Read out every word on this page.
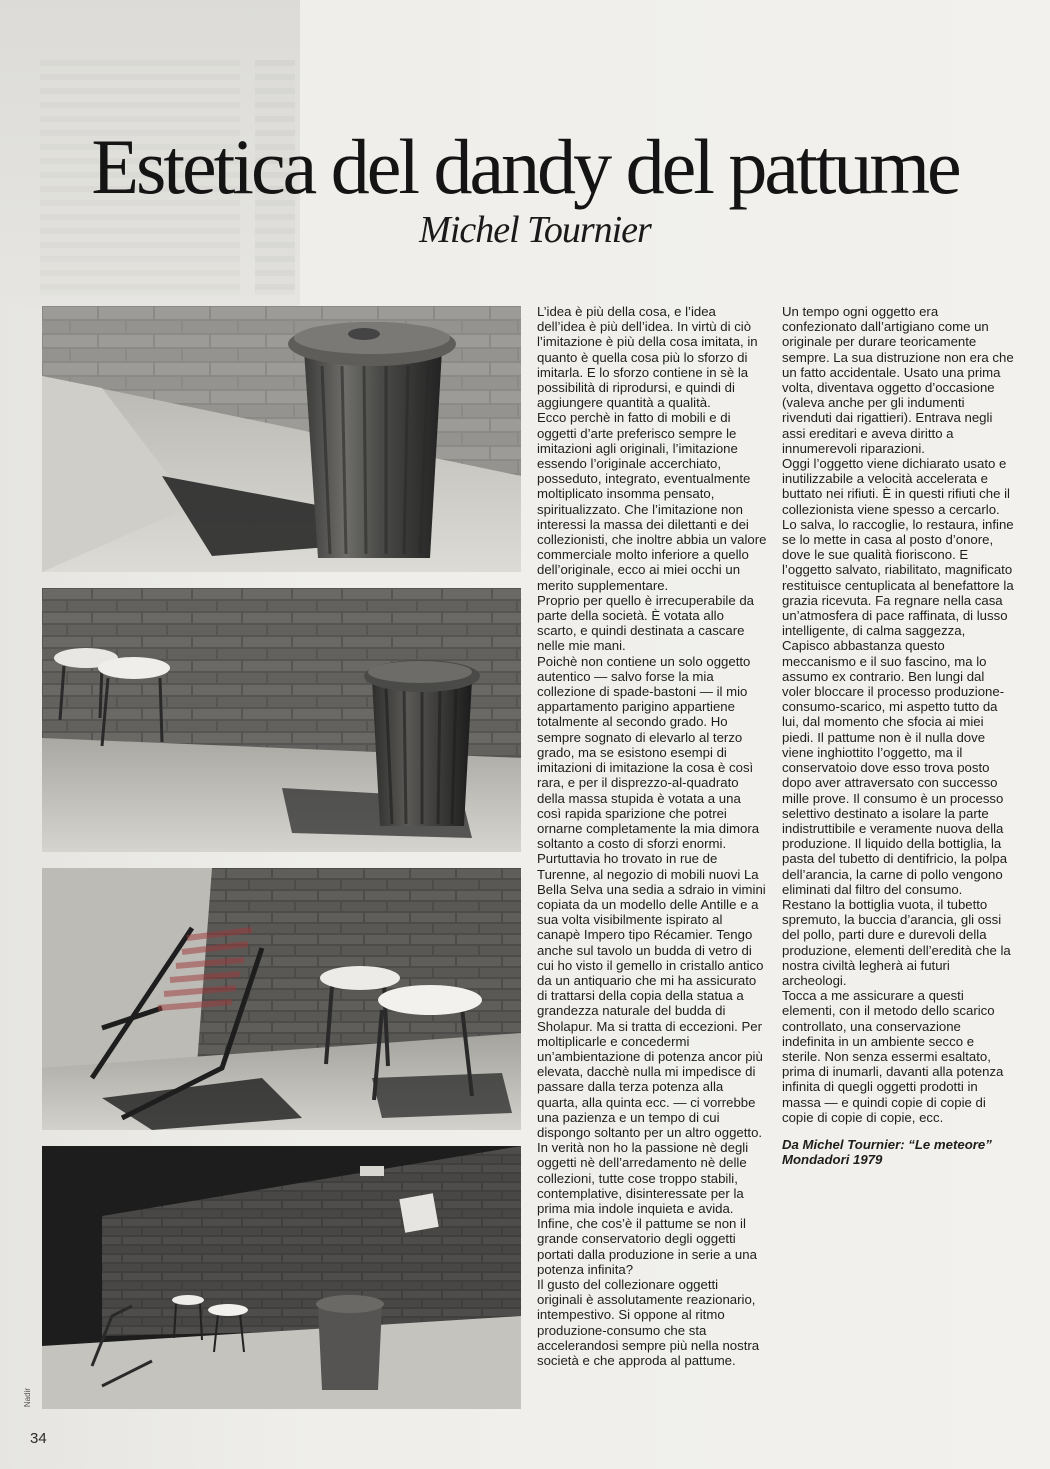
Estetica del dandy del pattume
Michel Tournier

L’idea è più della cosa, e l’idea dell’idea è più dell’idea. In virtù di ciò l’imitazione è più della cosa imitata, in quanto è quella cosa più lo sforzo di imitarla. E lo sforzo contiene in sè la possibilità di riprodursi, e quindi di aggiungere quantità a qualità.

Ecco perchè in fatto di mobili e di oggetti d’arte preferisco sempre le imitazioni agli originali, l’imitazione essendo l’originale accerchiato, posseduto, integrato, eventualmente moltiplicato insomma pensato, spiritualizzato. Che l’imitazione non interessi la massa dei dilettanti e dei collezionisti, che inoltre abbia un valore commerciale molto inferiore a quello dell’originale, ecco ai miei occhi un merito supplementare.

Proprio per quello è irrecuperabile da parte della società. È votata allo scarto, e quindi destinata a cascare nelle mie mani.

Poichè non contiene un solo oggetto autentico — salvo forse la mia collezione di spade-bastoni — il mio appartamento parigino appartiene totalmente al secondo grado. Ho sempre sognato di elevarlo al terzo grado, ma se esistono esempi di imitazioni di imitazione la cosa è così rara, e per il disprezzo-al-quadrato della massa stupida è votata a una così rapida sparizione che potrei ornarne completamente la mia dimora soltanto a costo di sforzi enormi.

Purtuttavia ho trovato in rue de Turenne, al negozio di mobili nuovi La Bella Selva una sedia a sdraio in vimini copiata da un modello delle Antille e a sua volta visibilmente ispirato al canapè Impero tipo Récamier. Tengo anche sul tavolo un budda di vetro di cui ho visto il gemello in cristallo antico da un antiquario che mi ha assicurato di trattarsi della copia della statua a grandezza naturale del budda di Sholapur. Ma si tratta di eccezioni. Per moltiplicarle e concedermi un’ambientazione di potenza ancor più elevata, dacchè nulla mi impedisce di passare dalla terza potenza alla quarta, alla quinta ecc. — ci vorrebbe una pazienza e un tempo di cui dispongo soltanto per un altro oggetto. In verità non ho la passione nè degli oggetti nè dell’arredamento nè delle collezioni, tutte cose troppo stabili, contemplative, disinteressate per la prima mia indole inquieta e avida. Infine, che cos’è il pattume se non il grande conservatorio degli oggetti portati dalla produzione in serie a una potenza infinita?

Il gusto del collezionare oggetti originali è assolutamente reazionario, intempestivo. Si oppone al ritmo produzione-consumo che sta accelerandosi sempre più nella nostra società e che approda al pattume.

Un tempo ogni oggetto era confezionato dall’artigiano come un originale per durare teoricamente sempre. La sua distruzione non era che un fatto accidentale. Usato una prima volta, diventava oggetto d’occasione (valeva anche per gli indumenti rivenduti dai rigattieri). Entrava negli assi ereditari e aveva diritto a innumerevoli riparazioni.

Oggi l’oggetto viene dichiarato usato e inutilizzabile a velocità accelerata e buttato nei rifiuti. È in questi rifiuti che il collezionista viene spesso a cercarlo. Lo salva, lo raccoglie, lo restaura, infine se lo mette in casa al posto d’onore, dove le sue qualità fioriscono. E l’oggetto salvato, riabilitato, magnificato restituisce centuplicata al benefattore la grazia ricevuta. Fa regnare nella casa un’atmosfera di pace raffinata, di lusso intelligente, di calma saggezza,

Capisco abbastanza questo meccanismo e il suo fascino, ma lo assumo ex contrario. Ben lungi dal voler bloccare il processo produzione-consumo-scarico, mi aspetto tutto da lui, dal momento che sfocia ai miei piedi. Il pattume non è il nulla dove viene inghiottito l’oggetto, ma il conservatoio dove esso trova posto dopo aver attraversato con successo mille prove. Il consumo è un processo selettivo destinato a isolare la parte indistruttibile e veramente nuova della produzione. Il liquido della bottiglia, la pasta del tubetto di dentifricio, la polpa dell’arancia, la carne di pollo vengono eliminati dal filtro del consumo. Restano la bottiglia vuota, il tubetto spremuto, la buccia d’arancia, gli ossi del pollo, parti dure e durevoli della produzione, elementi dell’eredità che la nostra civiltà legherà ai futuri archeologi.

Tocca a me assicurare a questi elementi, con il metodo dello scarico controllato, una conservazione indefinita in un ambiente secco e sterile. Non senza essermi esaltato, prima di inumarli, davanti alla potenza infinita di quegli oggetti prodotti in massa — e quindi copie di copie di copie di copie di copie, ecc.

Da Michel Tournier: “Le meteore”
Mondadori 1979

Nadir
34
